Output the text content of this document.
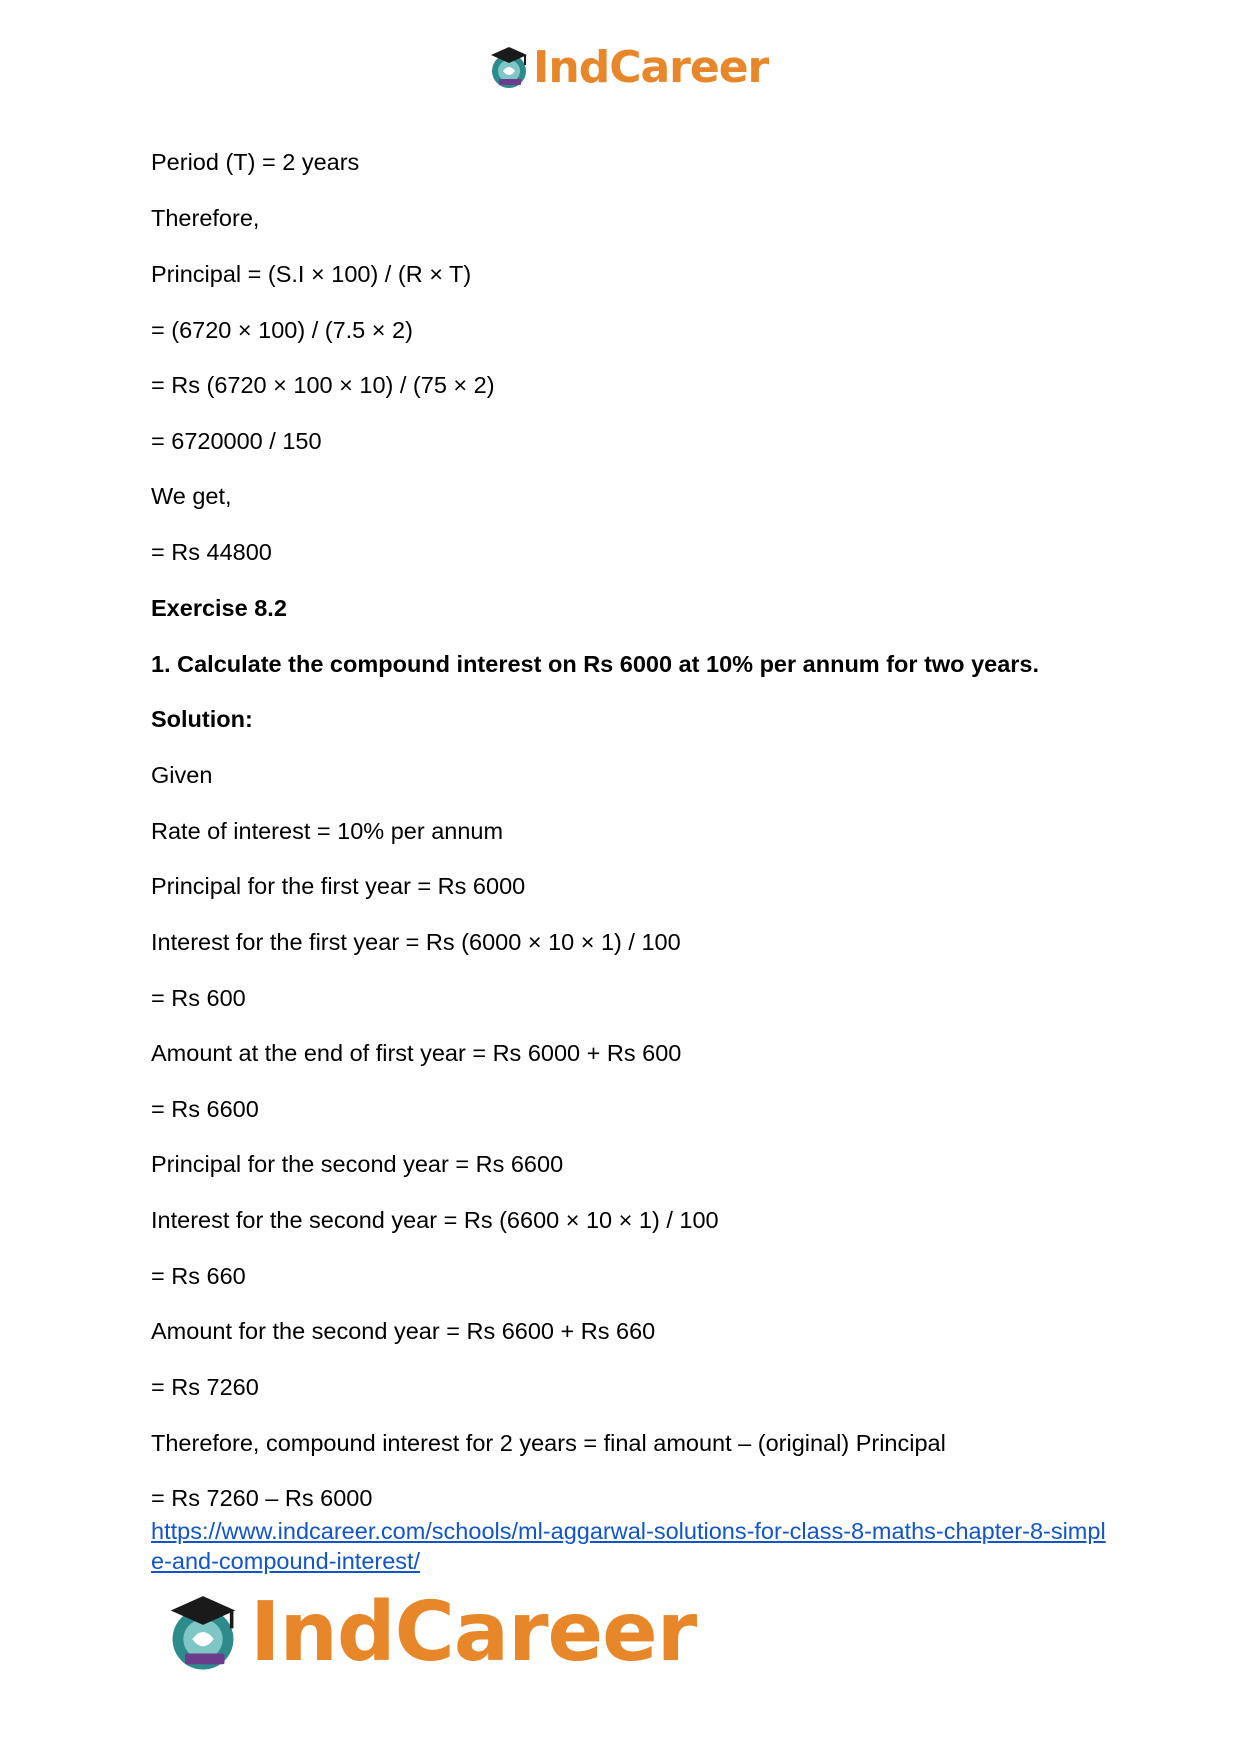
IndCareer
Period (T) = 2 years
Therefore,
Principal = (S.I × 100) / (R × T)
= (6720 × 100) / (7.5 × 2)
= Rs (6720 × 100 × 10) / (75 × 2)
= 6720000 / 150
We get,
= Rs 44800
Exercise 8.2
1. Calculate the compound interest on Rs 6000 at 10% per annum for two years.
Solution:
Given
Rate of interest = 10% per annum
Principal for the first year = Rs 6000
Interest for the first year = Rs (6000 × 10 × 1) / 100
= Rs 600
Amount at the end of first year = Rs 6000 + Rs 600
= Rs 6600
Principal for the second year = Rs 6600
Interest for the second year = Rs (6600 × 10 × 1) / 100
= Rs 660
Amount for the second year = Rs 6600 + Rs 660
= Rs 7260
Therefore, compound interest for 2 years = final amount – (original) Principal
= Rs 7260 – Rs 6000
https://www.indcareer.com/schools/ml-aggarwal-solutions-for-class-8-maths-chapter-8-simple-and-compound-interest/
IndCareer
